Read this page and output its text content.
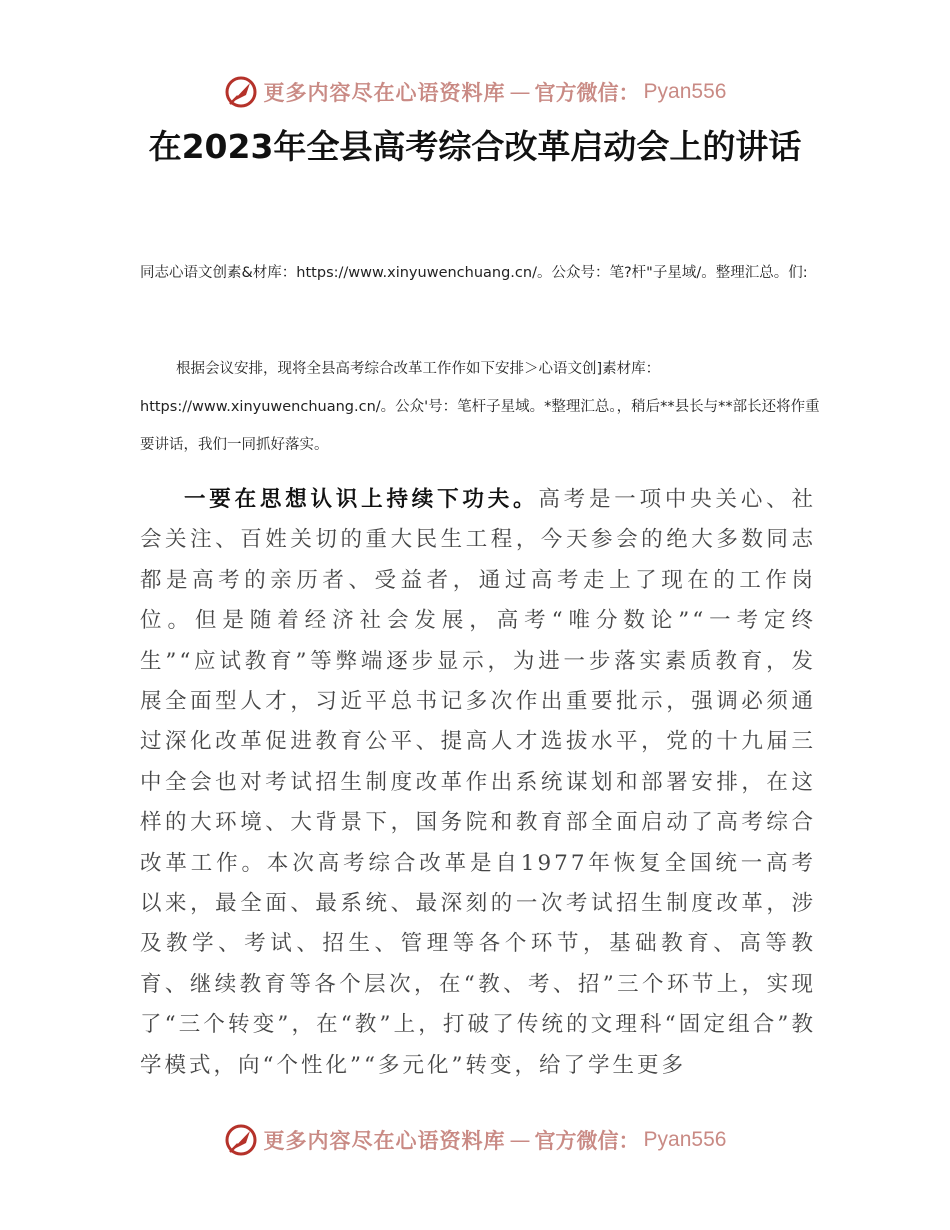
更多内容尽在心语资料库 — 官方微信： Pyan556
在2023年全县高考综合改革启动会上的讲话

同志心语文创素&材库：https://www.xinyuwenchuang.cn/。公众号：笔?杆"子星域/。整理汇总。们:

根据会议安排，现将全县高考综合改革工作作如下安排＞心语文创]素材库：https://www.xinyuwenchuang.cn/。公众'号：笔杆子星域。*整理汇总。，稍后**县长与**部长还将作重要讲话，我们一同抓好落实。

一要在思想认识上持续下功夫。高考是一项中央关心、社会关注、百姓关切的重大民生工程，今天参会的绝大多数同志都是高考的亲历者、受益者，通过高考走上了现在的工作岗位。但是随着经济社会发展，高考“唯分数论”“一考定终生”“应试教育”等弊端逐步显示，为进一步落实素质教育，发展全面型人才，习近平总书记多次作出重要批示，强调必须通过深化改革促进教育公平、提高人才选拔水平，党的十九届三中全会也对考试招生制度改革作出系统谋划和部署安排，在这样的大环境、大背景下，国务院和教育部全面启动了高考综合改革工作。本次高考综合改革是自1977年恢复全国统一高考以来，最全面、最系统、最深刻的一次考试招生制度改革，涉及教学、考试、招生、管理等各个环节，基础教育、高等教育、继续教育等各个层次，在“教、考、招”三个环节上，实现了“三个转变”，在“教”上，打破了传统的文理科“固定组合”教学模式，向“个性化”“多元化”转变，给了学生更多

更多内容尽在心语资料库 — 官方微信： Pyan556
